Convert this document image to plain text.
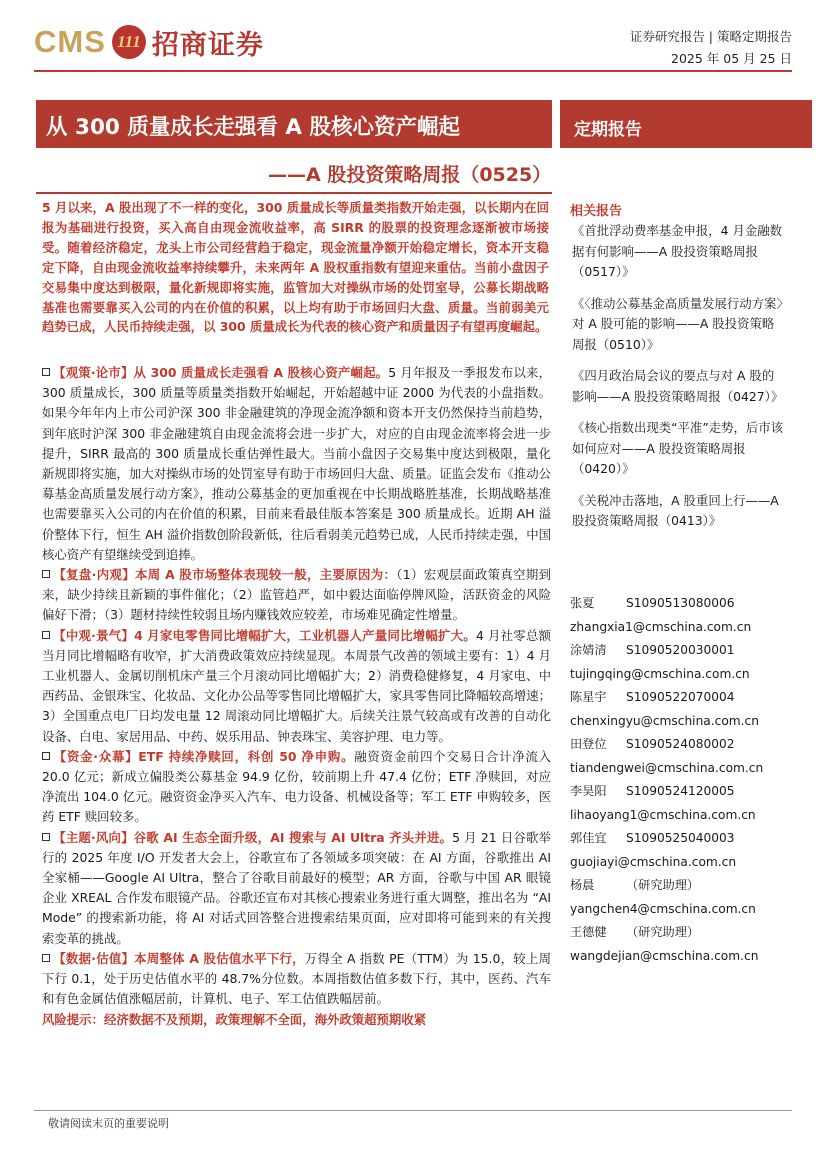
CMS 111 招商证券	证券研究报告 | 策略定期报告
2025 年 05 月 25 日
从 300 质量成长走强看 A 股核心资产崛起
——A 股投资策略周报（0525）
定期报告
5 月以来，A 股出现了不一样的变化，300 质量成长等质量类指数开始走强，以长期内在回报为基础进行投资，买入高自由现金流收益率，高 SIRR 的股票的投资理念逐渐被市场接受。随着经济稳定，龙头上市公司经营趋于稳定，现金流量净额开始稳定增长，资本开支稳定下降，自由现金流收益率持续攀升，未来两年 A 股权重指数有望迎来重估。当前小盘因子交易集中度达到极限，量化新规即将实施，监管加大对操纵市场的处罚室导，公募长期战略基准也需要靠买入公司的内在价值的积累，以上均有助于市场回归大盘、质量。当前弱美元趋势已成，人民币持续走强，以 300 质量成长为代表的核心资产和质量因子有望再度崛起。

【观策·论市】从 300 质量成长走强看 A 股核心资产崛起。5 月年报及一季报发布以来，300 质量成长，300 质量等质量类指数开始崛起，开始超越中证 2000 为代表的小盘指数。如果今年年内上市公司沪深 300 非金融建筑的净现金流净额和资本开支仍然保持当前趋势，到年底时沪深 300 非金融建筑自由现金流将会进一步扩大，对应的自由现金流率将会进一步提升，SIRR 最高的 300 质量成长重估弹性最大。当前小盘因子交易集中度达到极限，量化新规即将实施，加大对操纵市场的处罚室导有助于市场回归大盘、质量。证监会发布《推动公募基金高质量发展行动方案》，推动公募基金的更加重视在中长期战略胜基准，长期战略基准也需要靠买入公司的内在价值的积累，目前来看最佳版本答案是 300 质量成长。近期 AH 溢价整体下行，恒生 AH 溢价指数创阶段新低，往后看弱美元趋势已成，人民币持续走强，中国核心资产有望继续受到追捧。

【复盘·内观】本周 A 股市场整体表现较一般，主要原因为：（1）宏观层面政策真空期到来，缺少持续且新颖的事件催化；（2）监管趋严，如中毅达面临停牌风险，活跃资金的风险偏好下滑；（3）题材持续性较弱且场内赚钱效应较差，市场难见确定性增量。

【中观·景气】4 月家电零售同比增幅扩大，工业机器人产量同比增幅扩大。4 月社零总额当月同比增幅略有收窄，扩大消费政策效应持续显现。本周景气改善的领域主要有：1）4 月工业机器人、金属切削机床产量三个月滚动同比增幅扩大；2）消费稳健修复，4 月家电、中西药品、金银珠宝、化妆品、文化办公品等零售同比增幅扩大，家具零售同比降幅较高增速；3）全国重点电厂日均发电量 12 周滚动同比增幅扩大。后续关注景气较高或有改善的自动化设备、白电、家居用品、中药、娱乐用品、钟表珠宝、美容护理、电力等。

【资金·众幕】ETF 持续净赎回，科创 50 净申购。融资资金前四个交易日合计净流入 20.0 亿元；新成立偏股类公募基金 94.9 亿份，较前期上升 47.4 亿份；ETF 净赎回，对应净流出 104.0 亿元。融资资金净买入汽车、电力设备、机械设备等；军工 ETF 申购较多，医药 ETF 赎回较多。

【主题·风向】谷歌 AI 生态全面升级，AI 搜索与 AI Ultra 齐头并进。5 月 21 日谷歌举行的 2025 年度 I/O 开发者大会上，谷歌宣布了各领域多项突破：在 AI 方面，谷歌推出 AI 全家桶——Google AI Ultra，整合了谷歌目前最好的模型；AR 方面，谷歌与中国 AR 眼镜企业 XREAL 合作发布眼镜产品。谷歌还宣布对其核心搜索业务进行重大调整，推出名为 “AI Mode” 的搜索新功能，将 AI 对话式回答整合进搜索结果页面，应对即将可能到来的有关搜索变革的挑战。

【数据·估值】本周整体 A 股估值水平下行，万得全 A 指数 PE（TTM）为 15.0，较上周下行 0.1，处于历史估值水平的 48.7%分位数。本周指数估值多数下行，其中，医药、汽车和有色金属估值涨幅居前，计算机、电子、军工估值跌幅居前。

风险提示：经济数据不及预期，政策理解不全面，海外政策超预期收紧

相关报告
《首批浮动费率基金申报，4 月金融数据有何影响——A 股投资策略周报（0517）》
《〈推动公募基金高质量发展行动方案〉对 A 股可能的影响——A 股投资策略周报（0510）》
《四月政治局会议的要点与对 A 股的影响——A 股投资策略周报（0427）》
《核心指数出现类“平准”走势，后市该如何应对——A 股投资策略周报（0420）》
《关税冲击落地，A 股重回上行——A 股投资策略周报（0413）》
张夏	S1090513080006
zhangxia1@cmschina.com.cn
涂婧清	S1090520030001
tujingqing@cmschina.com.cn
陈星宇	S1090522070004
chenxingyu@cmschina.com.cn
田登位	S1090524080002
tiandengwei@cmschina.com.cn
李昊阳	S1090524120005
lihaoyang1@cmschina.com.cn
郭佳宜	S1090525040003
guojiayi@cmschina.com.cn
杨晨	（研究助理）
yangchen4@cmschina.com.cn
王德健	（研究助理）
wangdejian@cmschina.com.cn
敬请阅读末页的重要说明
